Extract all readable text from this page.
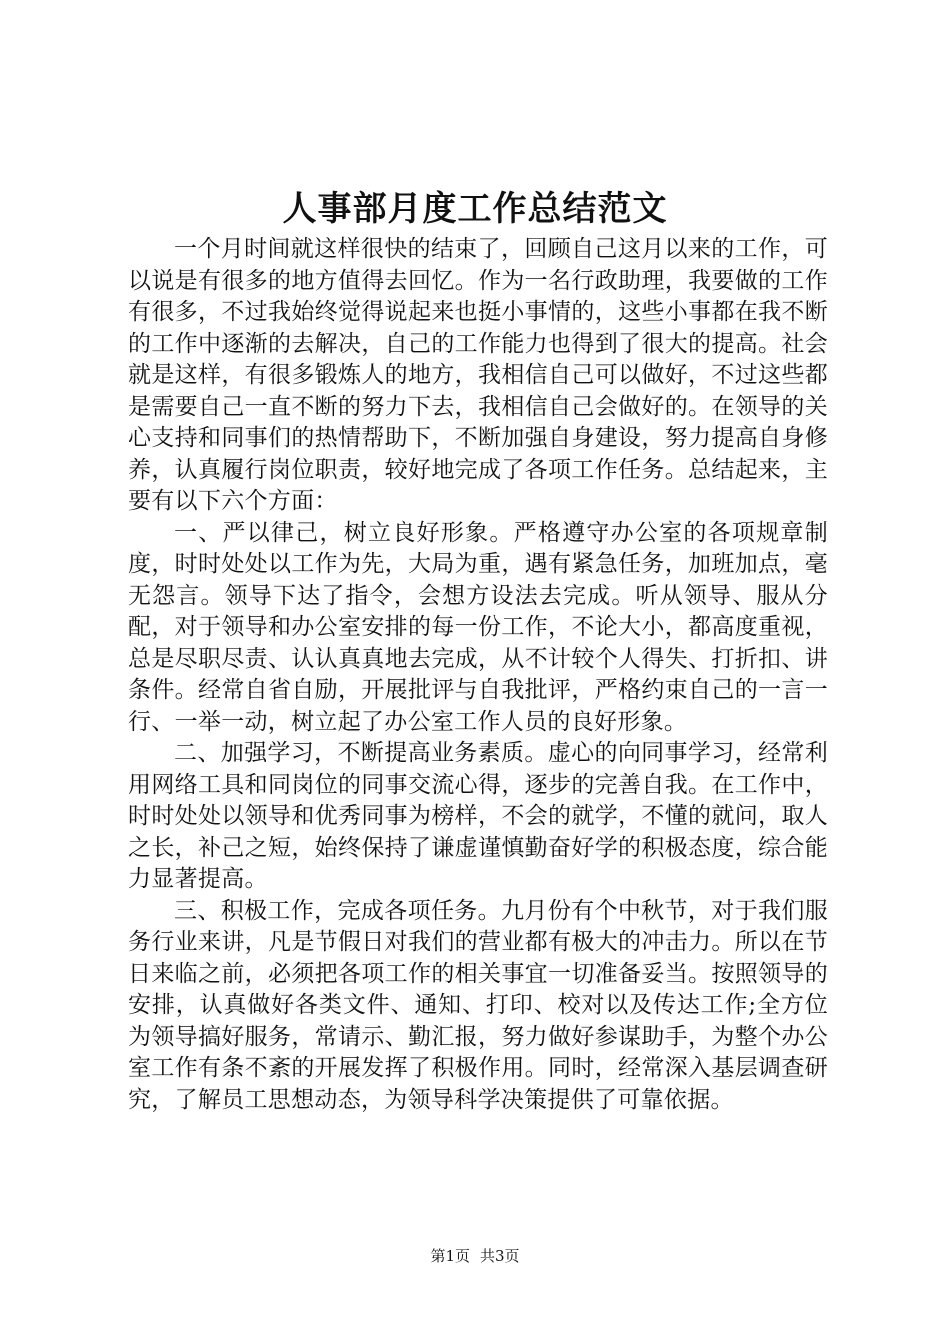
人事部月度工作总结范文

一个月时间就这样很快的结束了，回顾自己这月以来的工作，可以说是有很多的地方值得去回忆。作为一名行政助理，我要做的工作有很多，不过我始终觉得说起来也挺小事情的，这些小事都在我不断的工作中逐渐的去解决，自己的工作能力也得到了很大的提高。社会就是这样，有很多锻炼人的地方，我相信自己可以做好，不过这些都是需要自己一直不断的努力下去，我相信自己会做好的。在领导的关心支持和同事们的热情帮助下，不断加强自身建设，努力提高自身修养，认真履行岗位职责，较好地完成了各项工作任务。总结起来，主要有以下六个方面：

一、严以律己，树立良好形象。严格遵守办公室的各项规章制度，时时处处以工作为先，大局为重，遇有紧急任务，加班加点，毫无怨言。领导下达了指令，会想方设法去完成。听从领导、服从分配，对于领导和办公室安排的每一份工作，不论大小，都高度重视，总是尽职尽责、认认真真地去完成，从不计较个人得失、打折扣、讲条件。经常自省自励，开展批评与自我批评，严格约束自己的一言一行、一举一动，树立起了办公室工作人员的良好形象。

二、加强学习，不断提高业务素质。虚心的向同事学习，经常利用网络工具和同岗位的同事交流心得，逐步的完善自我。在工作中，时时处处以领导和优秀同事为榜样，不会的就学，不懂的就问，取人之长，补己之短，始终保持了谦虚谨慎勤奋好学的积极态度，综合能力显著提高。

三、积极工作，完成各项任务。九月份有个中秋节，对于我们服务行业来讲，凡是节假日对我们的营业都有极大的冲击力。所以在节日来临之前，必须把各项工作的相关事宜一切准备妥当。按照领导的安排，认真做好各类文件、通知、打印、校对以及传达工作;全方位为领导搞好服务，常请示、勤汇报，努力做好参谋助手，为整个办公室工作有条不紊的开展发挥了积极作用。同时，经常深入基层调查研究，了解员工思想动态，为领导科学决策提供了可靠依据。

第1页 共3页
